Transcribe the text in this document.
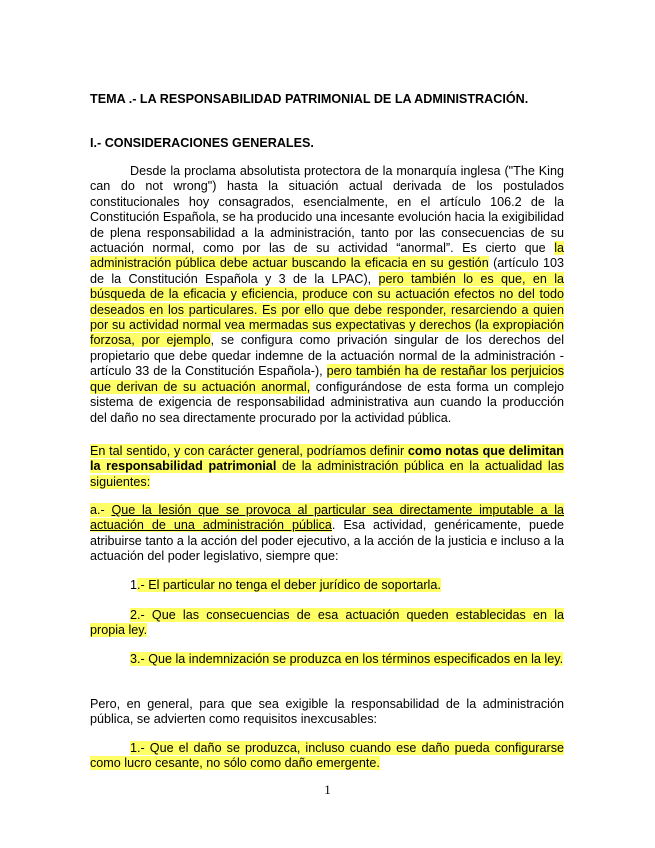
TEMA .- LA RESPONSABILIDAD PATRIMONIAL DE LA ADMINISTRACIÓN.
I.- CONSIDERACIONES GENERALES.
Desde la proclama absolutista protectora de la monarquía inglesa ("The King can do not wrong") hasta la situación actual derivada de los postulados constitucionales hoy consagrados, esencialmente, en el artículo 106.2 de la Constitución Española, se ha producido una incesante evolución hacia la exigibilidad de plena responsabilidad a la administración, tanto por las consecuencias de su actuación normal, como por las de su actividad “anormal”. Es cierto que la administración pública debe actuar buscando la eficacia en su gestión (artículo 103 de la Constitución Española y 3 de la LPAC), pero también lo es que, en la búsqueda de la eficacia y eficiencia, produce con su actuación efectos no del todo deseados en los particulares. Es por ello que debe responder, resarciendo a quien por su actividad normal vea mermadas sus expectativas y derechos (la expropiación forzosa, por ejemplo, se configura como privación singular de los derechos del propietario que debe quedar indemne de la actuación normal de la administración -artículo 33 de la Constitución Española-), pero también ha de restañar los perjuicios que derivan de su actuación anormal, configurándose de esta forma un complejo sistema de exigencia de responsabilidad administrativa aun cuando la producción del daño no sea directamente procurado por la actividad pública.
En tal sentido, y con carácter general, podríamos definir como notas que delimitan la responsabilidad patrimonial de la administración pública en la actualidad las siguientes:
a.- Que la lesión que se provoca al particular sea directamente imputable a la actuación de una administración pública. Esa actividad, genéricamente, puede atribuirse tanto a la acción del poder ejecutivo, a la acción de la justicia e incluso a la actuación del poder legislativo, siempre que:
1.- El particular no tenga el deber jurídico de soportarla.
2.- Que las consecuencias de esa actuación queden establecidas en la propia ley.
3.- Que la indemnización se produzca en los términos especificados en la ley.
Pero, en general, para que sea exigible la responsabilidad de la administración pública, se advierten como requisitos inexcusables:
1.- Que el daño se produzca, incluso cuando ese daño pueda configurarse como lucro cesante, no sólo como daño emergente.
1
